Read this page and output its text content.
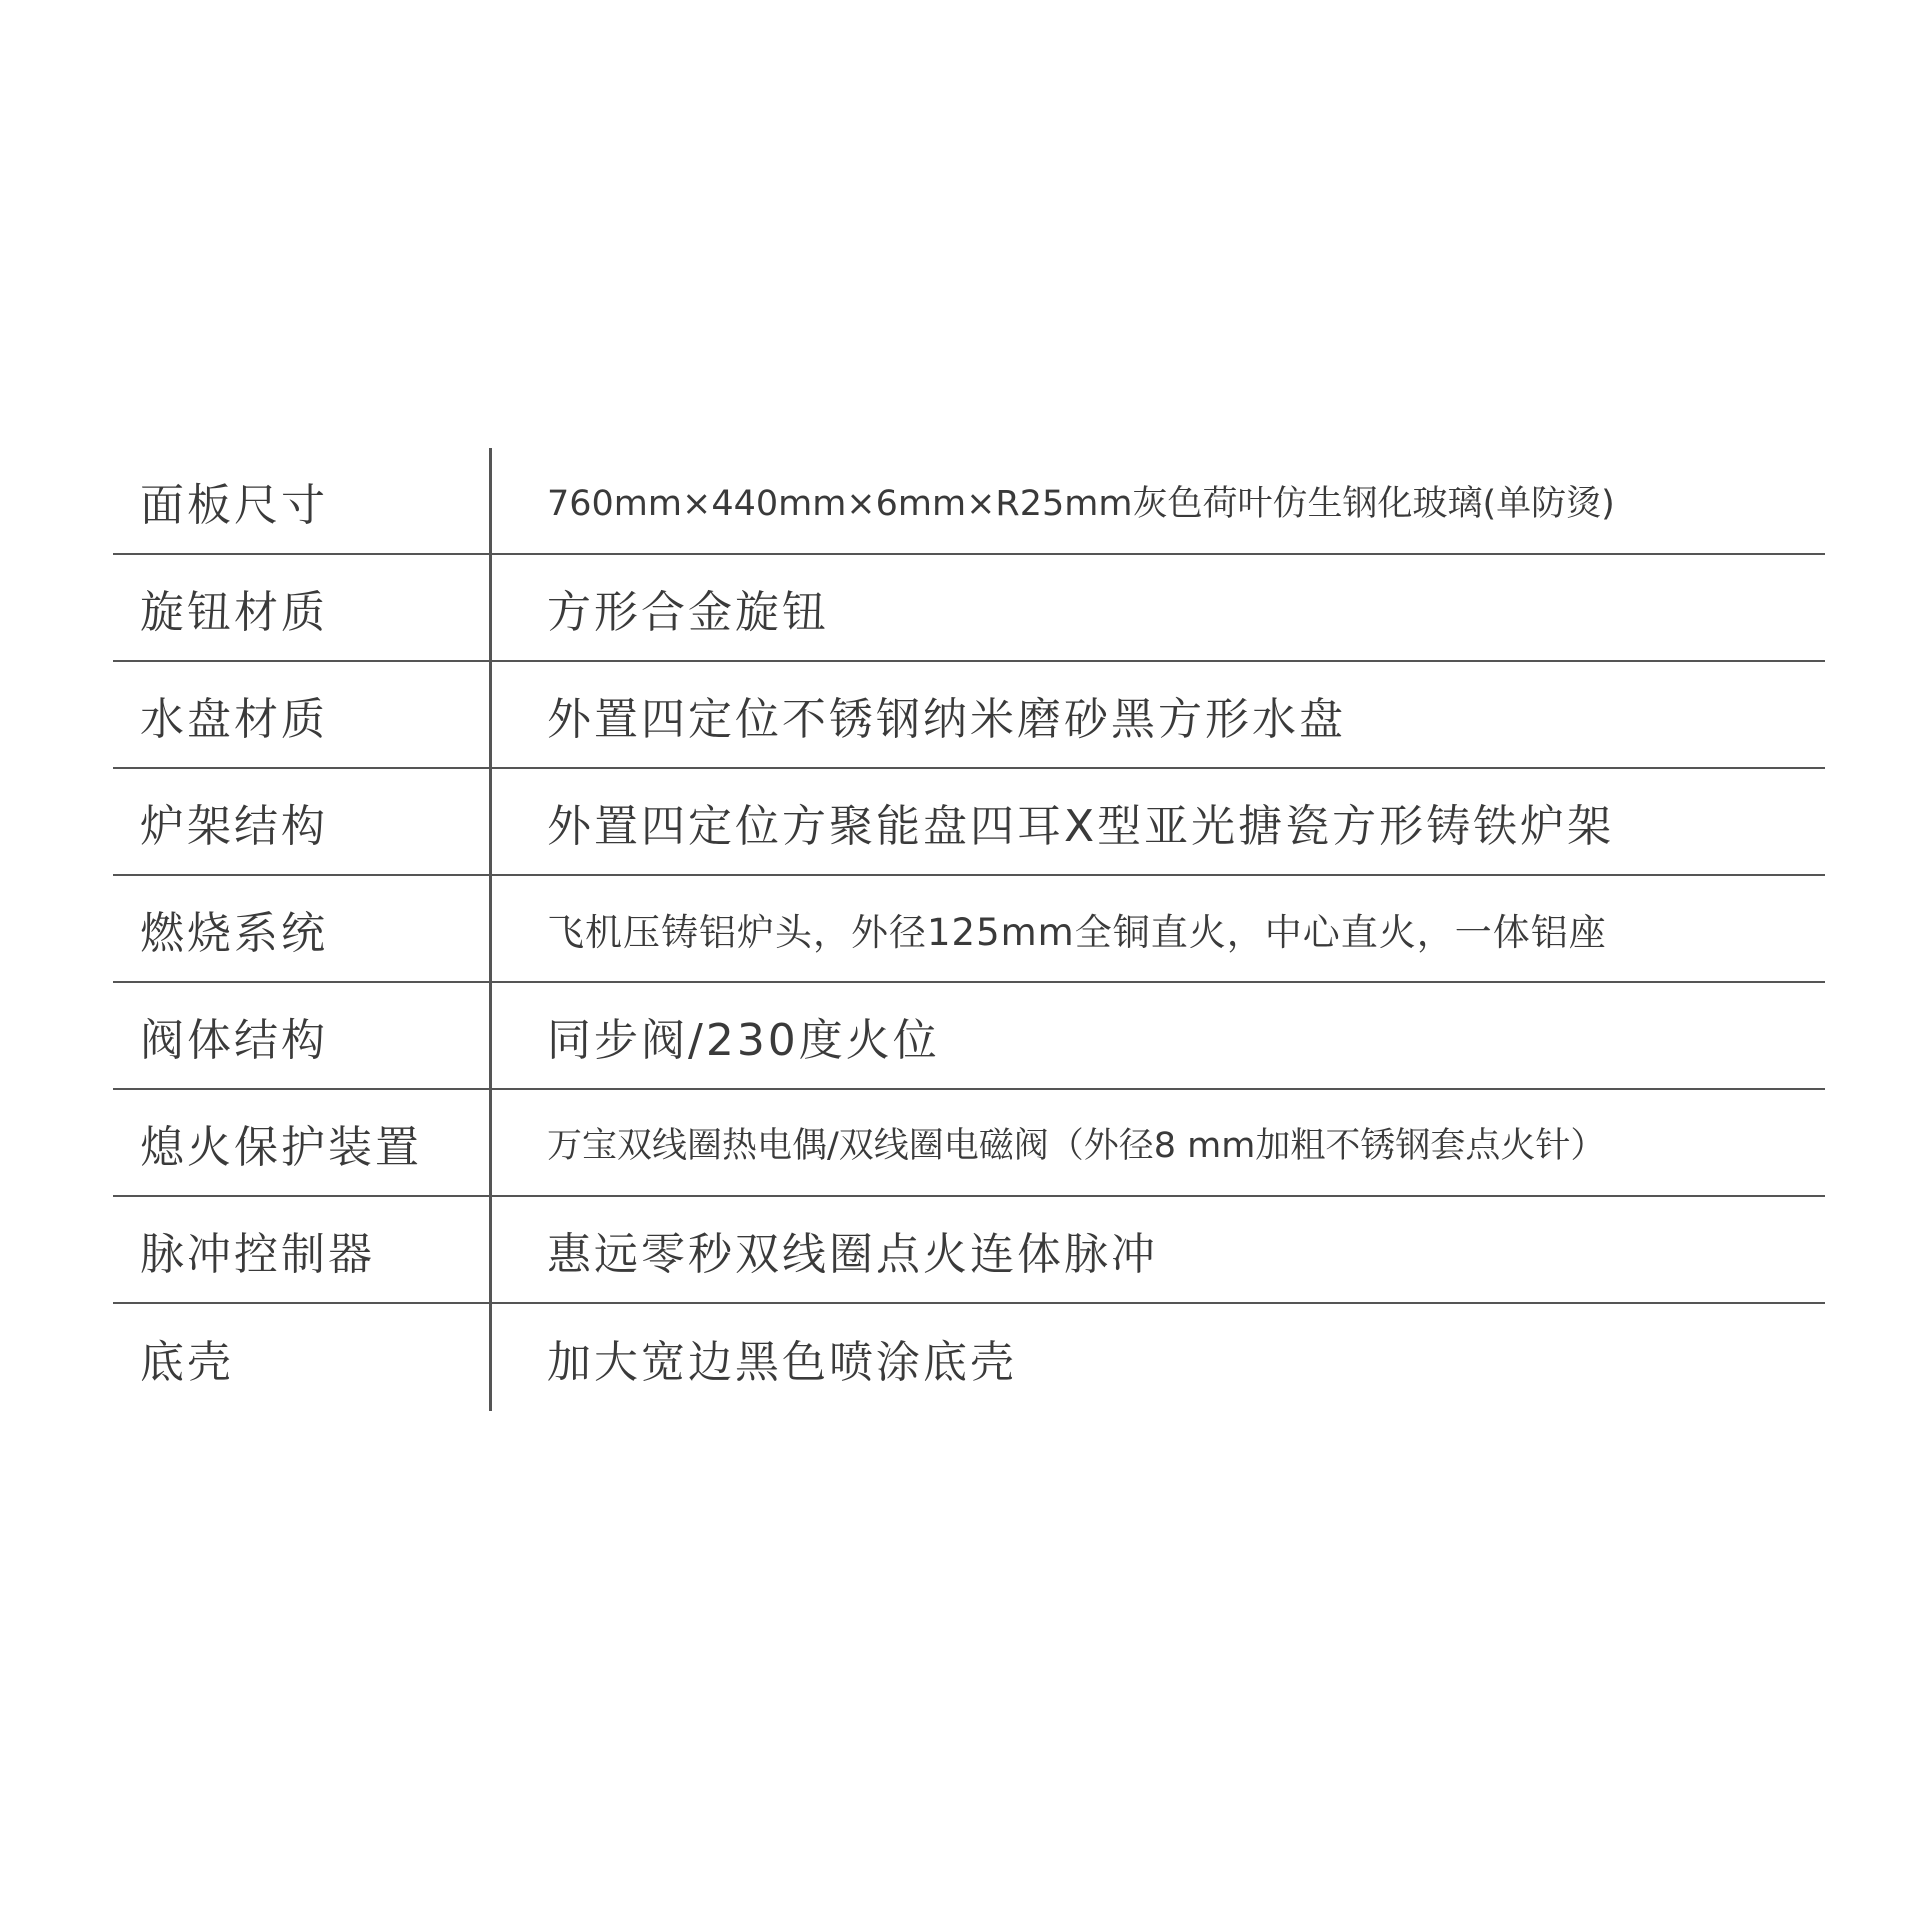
面板尺寸	760mm×440mm×6mm×R25mm灰色荷叶仿生钢化玻璃(单防烫)
旋钮材质	方形合金旋钮
水盘材质	外置四定位不锈钢纳米磨砂黑方形水盘
炉架结构	外置四定位方聚能盘四耳X型亚光搪瓷方形铸铁炉架
燃烧系统	飞机压铸铝炉头，外径125mm全铜直火，中心直火，一体铝座
阀体结构	同步阀/230度火位
熄火保护装置	万宝双线圈热电偶/双线圈电磁阀（外径8 mm加粗不锈钢套点火针）
脉冲控制器	惠远零秒双线圈点火连体脉冲
底壳	加大宽边黑色喷涂底壳
